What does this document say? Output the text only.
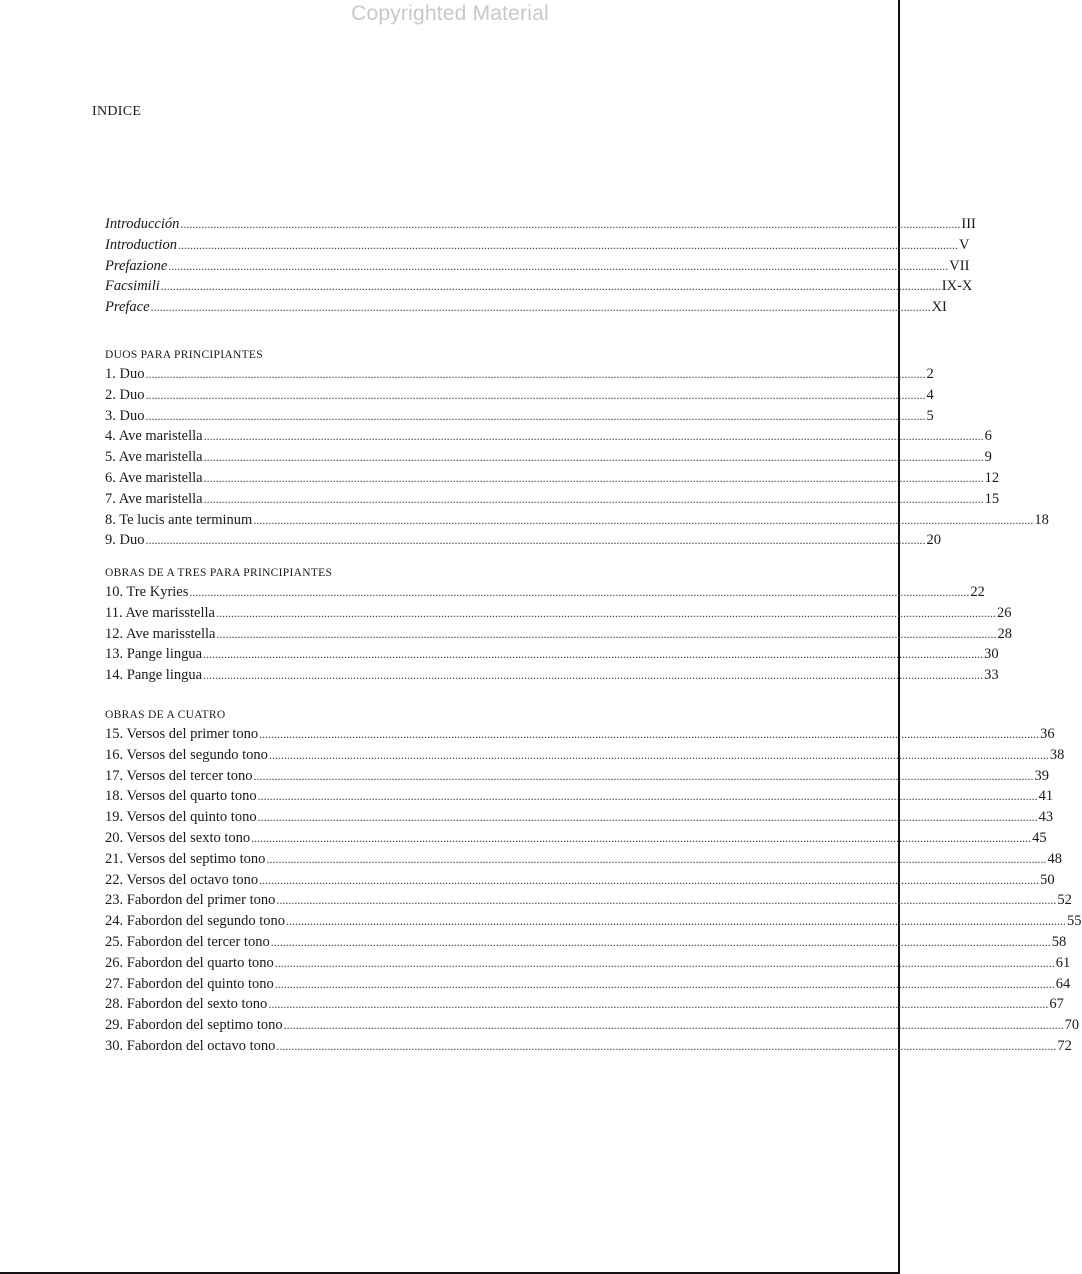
Copyrighted Material
INDICE
Introducción .................................................................................................................................................................................................................................................................... III
Introduction .................................................................................................................................................................................................................................................................... V
Prefazione .................................................................................................................................................................................................................................................................... VII
Facsimili .................................................................................................................................................................................................................................................................... IX-X
Preface .................................................................................................................................................................................................................................................................... XI
DUOS PARA PRINCIPIANTES
1. Duo .................................................................................................................................................................................................................................................................... 2
2. Duo .................................................................................................................................................................................................................................................................... 4
3. Duo .................................................................................................................................................................................................................................................................... 5
4. Ave maristella .................................................................................................................................................................................................................................................................... 6
5. Ave maristella .................................................................................................................................................................................................................................................................... 9
6. Ave maristella .................................................................................................................................................................................................................................................................... 12
7. Ave maristella .................................................................................................................................................................................................................................................................... 15
8. Te lucis ante terminum .................................................................................................................................................................................................................................................................... 18
9. Duo .................................................................................................................................................................................................................................................................... 20
OBRAS DE A TRES PARA PRINCIPIANTES
10. Tre Kyries .................................................................................................................................................................................................................................................................... 22
11. Ave marisstella .................................................................................................................................................................................................................................................................... 26
12. Ave marisstella .................................................................................................................................................................................................................................................................... 28
13. Pange lingua .................................................................................................................................................................................................................................................................... 30
14. Pange lingua .................................................................................................................................................................................................................................................................... 33
OBRAS DE A CUATRO
15. Versos del primer tono .................................................................................................................................................................................................................................................................... 36
16. Versos del segundo tono .................................................................................................................................................................................................................................................................... 38
17. Versos del tercer tono .................................................................................................................................................................................................................................................................... 39
18. Versos del quarto tono .................................................................................................................................................................................................................................................................... 41
19. Versos del quinto tono .................................................................................................................................................................................................................................................................... 43
20. Versos del sexto tono .................................................................................................................................................................................................................................................................... 45
21. Versos del septimo tono .................................................................................................................................................................................................................................................................... 48
22. Versos del octavo tono .................................................................................................................................................................................................................................................................... 50
23. Fabordon del primer tono .................................................................................................................................................................................................................................................................... 52
24. Fabordon del segundo tono .................................................................................................................................................................................................................................................................... 55
25. Fabordon del tercer tono .................................................................................................................................................................................................................................................................... 58
26. Fabordon del quarto tono .................................................................................................................................................................................................................................................................... 61
27. Fabordon del quinto tono .................................................................................................................................................................................................................................................................... 64
28. Fabordon del sexto tono .................................................................................................................................................................................................................................................................... 67
29. Fabordon del septimo tono .................................................................................................................................................................................................................................................................... 70
30. Fabordon del octavo tono .................................................................................................................................................................................................................................................................... 72
